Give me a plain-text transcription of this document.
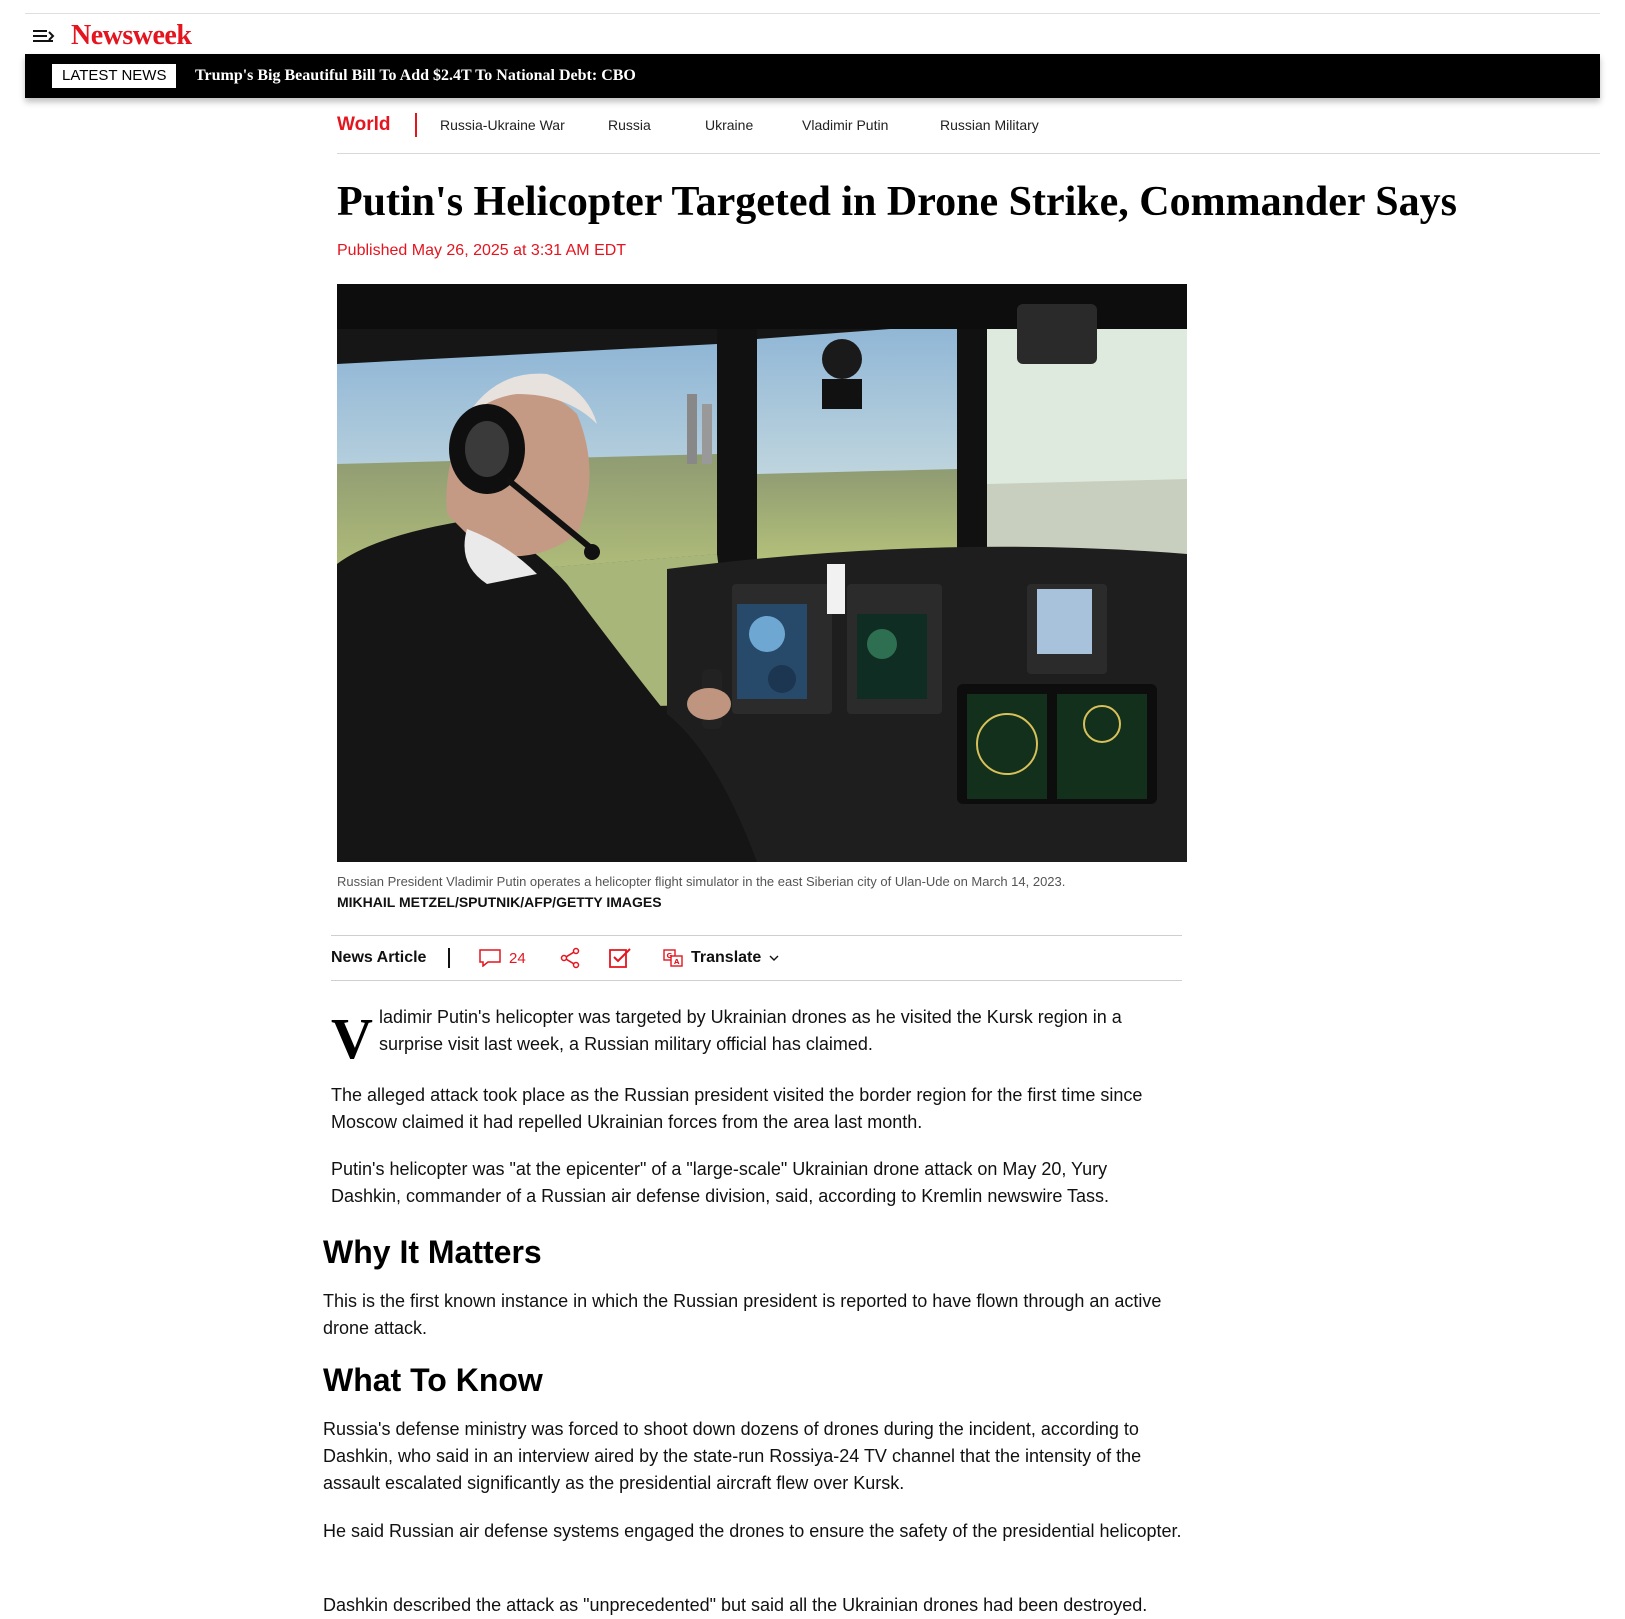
Newsweek
LATEST NEWS	Trump's Big Beautiful Bill To Add $2.4T To National Debt: CBO
World	Russia-Ukraine War	Russia	Ukraine	Vladimir Putin	Russian Military
Putin's Helicopter Targeted in Drone Strike, Commander Says
Published May 26, 2025 at 3:31 AM EDT
Russian President Vladimir Putin operates a helicopter flight simulator in the east Siberian city of Ulan-Ude on March 14, 2023.
MIKHAIL METZEL/SPUTNIK/AFP/GETTY IMAGES
News Article	24	G
A Translate
V ladimir Putin's helicopter was targeted by Ukrainian drones as he visited the Kursk region in a surprise visit last week, a Russian military official has claimed.

The alleged attack took place as the Russian president visited the border region for the first time since Moscow claimed it had repelled Ukrainian forces from the area last month.

Putin's helicopter was "at the epicenter" of a "large-scale" Ukrainian drone attack on May 20, Yury Dashkin, commander of a Russian air defense division, said, according to Kremlin newswire Tass.

Why It Matters

This is the first known instance in which the Russian president is reported to have flown through an active drone attack.

What To Know

Russia's defense ministry was forced to shoot down dozens of drones during the incident, according to Dashkin, who said in an interview aired by the state-run Rossiya-24 TV channel that the intensity of the assault escalated significantly as the presidential aircraft flew over Kursk.

He said Russian air defense systems engaged the drones to ensure the safety of the presidential helicopter.

Dashkin described the attack as "unprecedented" but said all the Ukrainian drones had been destroyed.
